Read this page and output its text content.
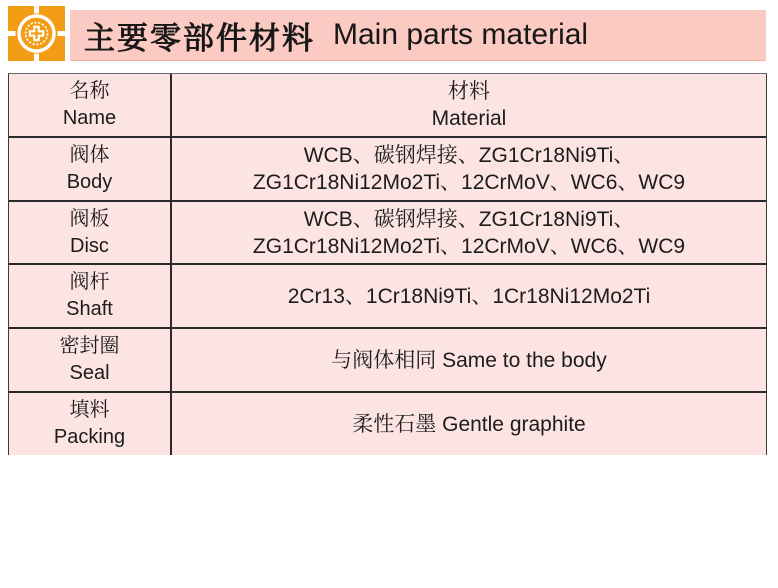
主要零部件材料 Main parts material
名称
Name
材料
Material
阀体
Body
WCB、碳钢焊接、ZG1Cr18Ni9Ti、
ZG1Cr18Ni12Mo2Ti、12CrMoV、WC6、WC9
阀板
Disc
WCB、碳钢焊接、ZG1Cr18Ni9Ti、
ZG1Cr18Ni12Mo2Ti、12CrMoV、WC6、WC9
阀杆
Shaft
2Cr13、1Cr18Ni9Ti、1Cr18Ni12Mo2Ti
密封圈
Seal
与阀体相同 Same to the body
填料
Packing
柔性石墨 Gentle graphite
